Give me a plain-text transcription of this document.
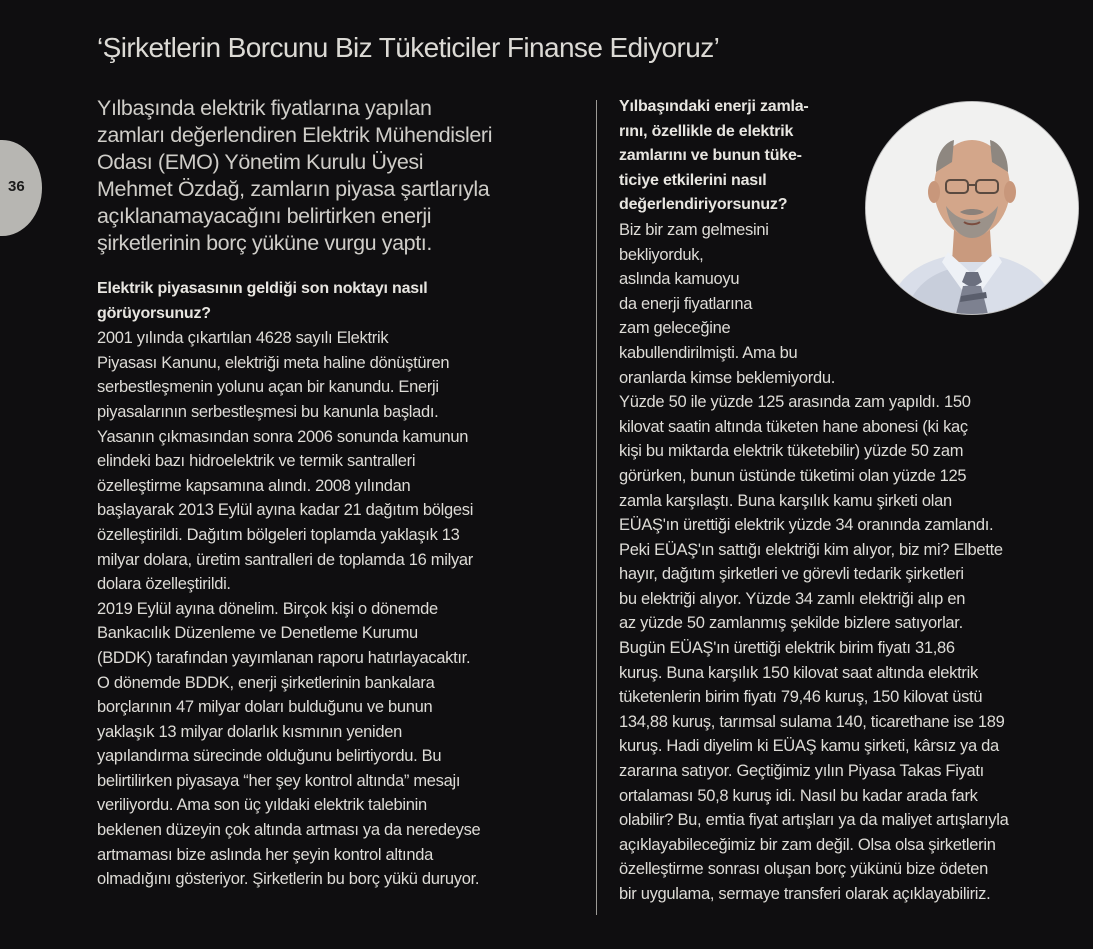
36
‘Şirketlerin Borcunu Biz Tüketiciler Finanse Ediyoruz’

Yılbaşında elektrik fiyatlarına yapılan
zamları değerlendiren Elektrik Mühendisleri
Odası (EMO) Yönetim Kurulu Üyesi
Mehmet Özdağ, zamların piyasa şartlarıyla
açıklanamayacağını belirtirken enerji
şirketlerinin borç yüküne vurgu yaptı.

Elektrik piyasasının geldiği son noktayı nasıl
görüyorsunuz?

2001 yılında çıkartılan 4628 sayılı Elektrik
Piyasası Kanunu, elektriği meta haline dönüştüren
serbestleşmenin yolunu açan bir kanundu. Enerji
piyasalarının serbestleşmesi bu kanunla başladı.
Yasanın çıkmasından sonra 2006 sonunda kamunun
elindeki bazı hidroelektrik ve termik santralleri
özelleştirme kapsamına alındı. 2008 yılından
başlayarak 2013 Eylül ayına kadar 21 dağıtım bölgesi
özelleştirildi. Dağıtım bölgeleri toplamda yaklaşık 13
milyar dolara, üretim santralleri de toplamda 16 milyar
dolara özelleştirildi.

2019 Eylül ayına dönelim. Birçok kişi o dönemde
Bankacılık Düzenleme ve Denetleme Kurumu
(BDDK) tarafından yayımlanan raporu hatırlayacaktır.
O dönemde BDDK, enerji şirketlerinin bankalara
borçlarının 47 milyar doları bulduğunu ve bunun
yaklaşık 13 milyar dolarlık kısmının yeniden
yapılandırma sürecinde olduğunu belirtiyordu. Bu
belirtilirken piyasaya “her şey kontrol altında” mesajı
veriliyordu. Ama son üç yıldaki elektrik talebinin
beklenen düzeyin çok altında artması ya da neredeyse
artmaması bize aslında her şeyin kontrol altında
olmadığını gösteriyor. Şirketlerin bu borç yükü duruyor.

Yılbaşındaki enerji zamla-
rını, özellikle de elektrik
zamlarını ve bunun tüke-
ticiye etkilerini nasıl
değerlendiriyorsunuz?

Biz bir zam gelmesini
bekliyorduk,
aslında kamuoyu
da enerji fiyatlarına
zam geleceğine
kabullendirilmişti. Ama bu
oranlarda kimse beklemiyordu.
Yüzde 50 ile yüzde 125 arasında zam yapıldı. 150
kilovat saatin altında tüketen hane abonesi (ki kaç
kişi bu miktarda elektrik tüketebilir) yüzde 50 zam
görürken, bunun üstünde tüketimi olan yüzde 125
zamla karşılaştı. Buna karşılık kamu şirketi olan
EÜAŞ'ın ürettiği elektrik yüzde 34 oranında zamlandı.
Peki EÜAŞ'ın sattığı elektriği kim alıyor, biz mi? Elbette
hayır, dağıtım şirketleri ve görevli tedarik şirketleri
bu elektriği alıyor. Yüzde 34 zamlı elektriği alıp en
az yüzde 50 zamlanmış şekilde bizlere satıyorlar.
Bugün EÜAŞ'ın ürettiği elektrik birim fiyatı 31,86
kuruş. Buna karşılık 150 kilovat saat altında elektrik
tüketenlerin birim fiyatı 79,46 kuruş, 150 kilovat üstü
134,88 kuruş, tarımsal sulama 140, ticarethane ise 189
kuruş. Hadi diyelim ki EÜAŞ kamu şirketi, kârsız ya da
zararına satıyor. Geçtiğimiz yılın Piyasa Takas Fiyatı
ortalaması 50,8 kuruş idi. Nasıl bu kadar arada fark
olabilir? Bu, emtia fiyat artışları ya da maliyet artışlarıyla
açıklayabileceğimiz bir zam değil. Olsa olsa şirketlerin
özelleştirme sonrası oluşan borç yükünü bize ödeten
bir uygulama, sermaye transferi olarak açıklayabiliriz.
